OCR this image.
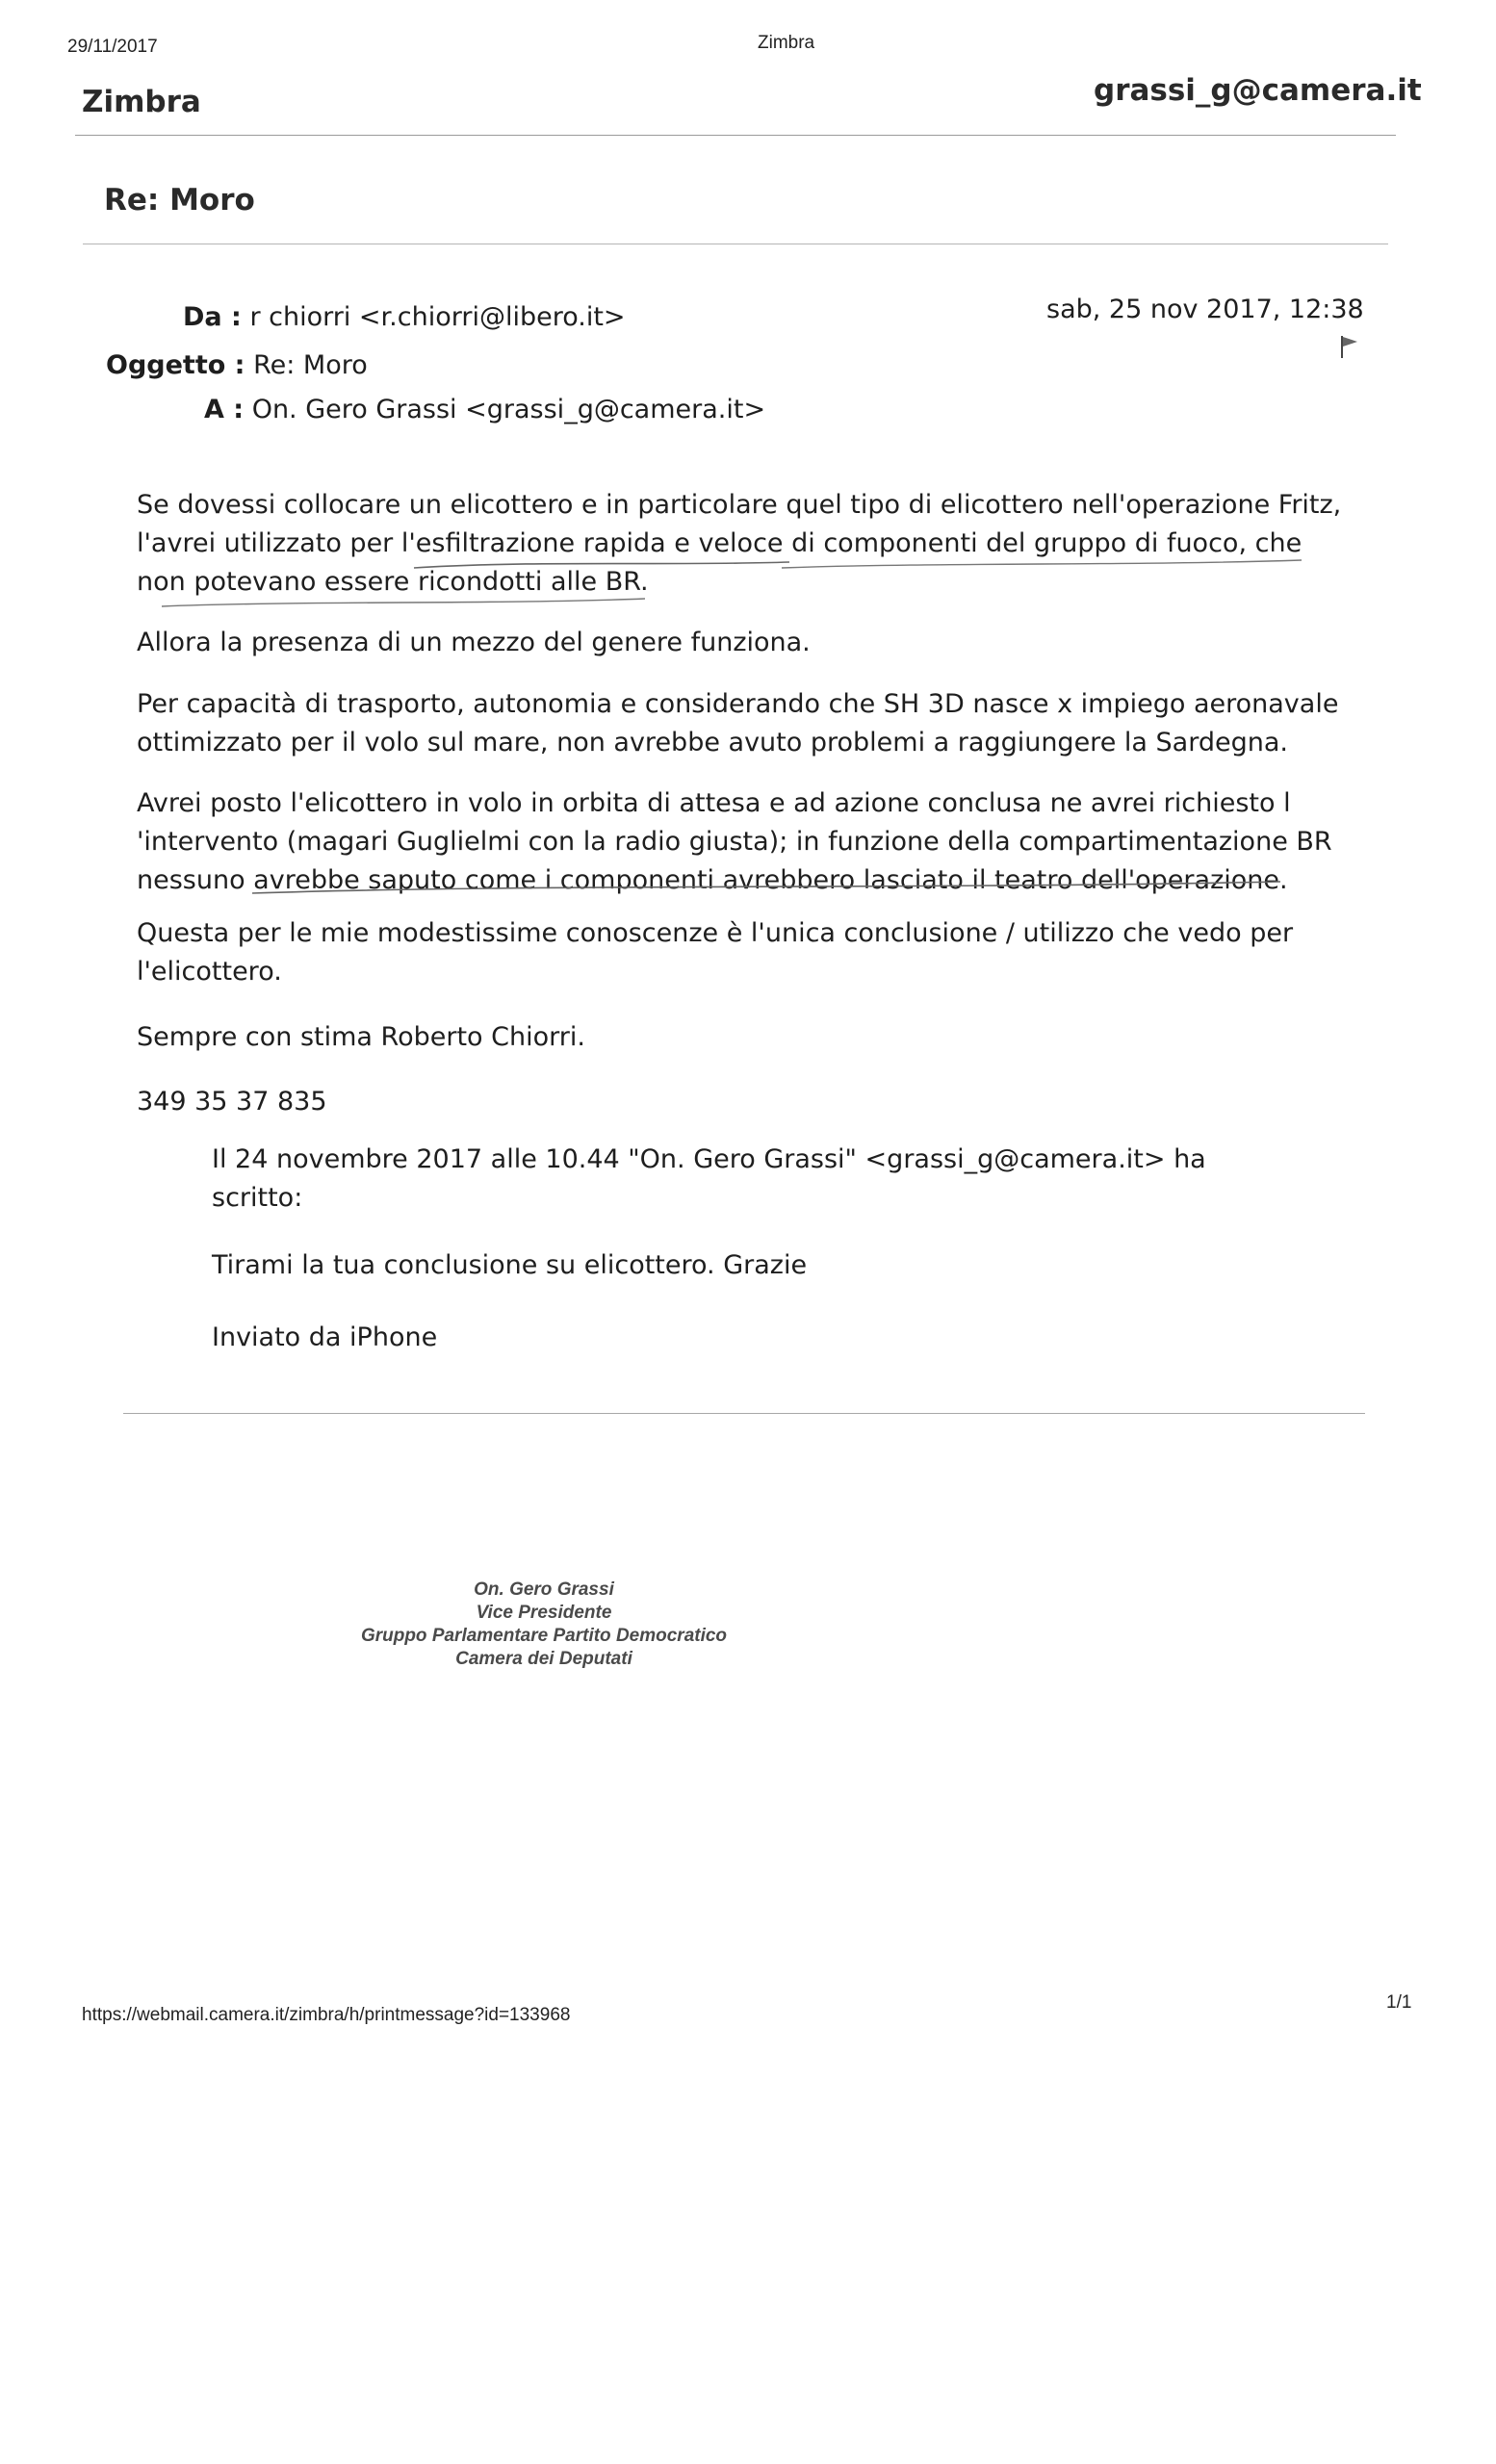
29/11/2017	Zimbra
Zimbra	grassi_g@camera.it
Re: Moro
Da : r chiorri <r.chiorri@libero.it>	sab, 25 nov 2017, 12:38
Oggetto : Re: Moro
A : On. Gero Grassi <grassi_g@camera.it>
Se dovessi collocare un elicottero e in particolare quel tipo di elicottero nell'operazione Fritz,
l'avrei utilizzato per l'esfiltrazione rapida e veloce di componenti del gruppo di fuoco, che
non potevano essere ricondotti alle BR.
Allora la presenza di un mezzo del genere funziona.
Per capacità di trasporto, autonomia e considerando che SH 3D nasce x impiego aeronavale
ottimizzato per il volo sul mare, non avrebbe avuto problemi a raggiungere la Sardegna.
Avrei posto l'elicottero in volo in orbita di attesa e ad azione conclusa ne avrei richiesto l
'intervento (magari Guglielmi con la radio giusta); in funzione della compartimentazione BR
nessuno avrebbe saputo come i componenti avrebbero lasciato il teatro dell'operazione.
Questa per le mie modestissime conoscenze è l'unica conclusione / utilizzo che vedo per
l'elicottero.
Sempre con stima Roberto Chiorri.
349 35 37 835
Il 24 novembre 2017 alle 10.44 "On. Gero Grassi" <grassi_g@camera.it> ha
scritto:
Tirami la tua conclusione su elicottero. Grazie
Inviato da iPhone
On. Gero Grassi
Vice Presidente
Gruppo Parlamentare Partito Democratico
Camera dei Deputati
https://webmail.camera.it/zimbra/h/printmessage?id=133968
1/1
